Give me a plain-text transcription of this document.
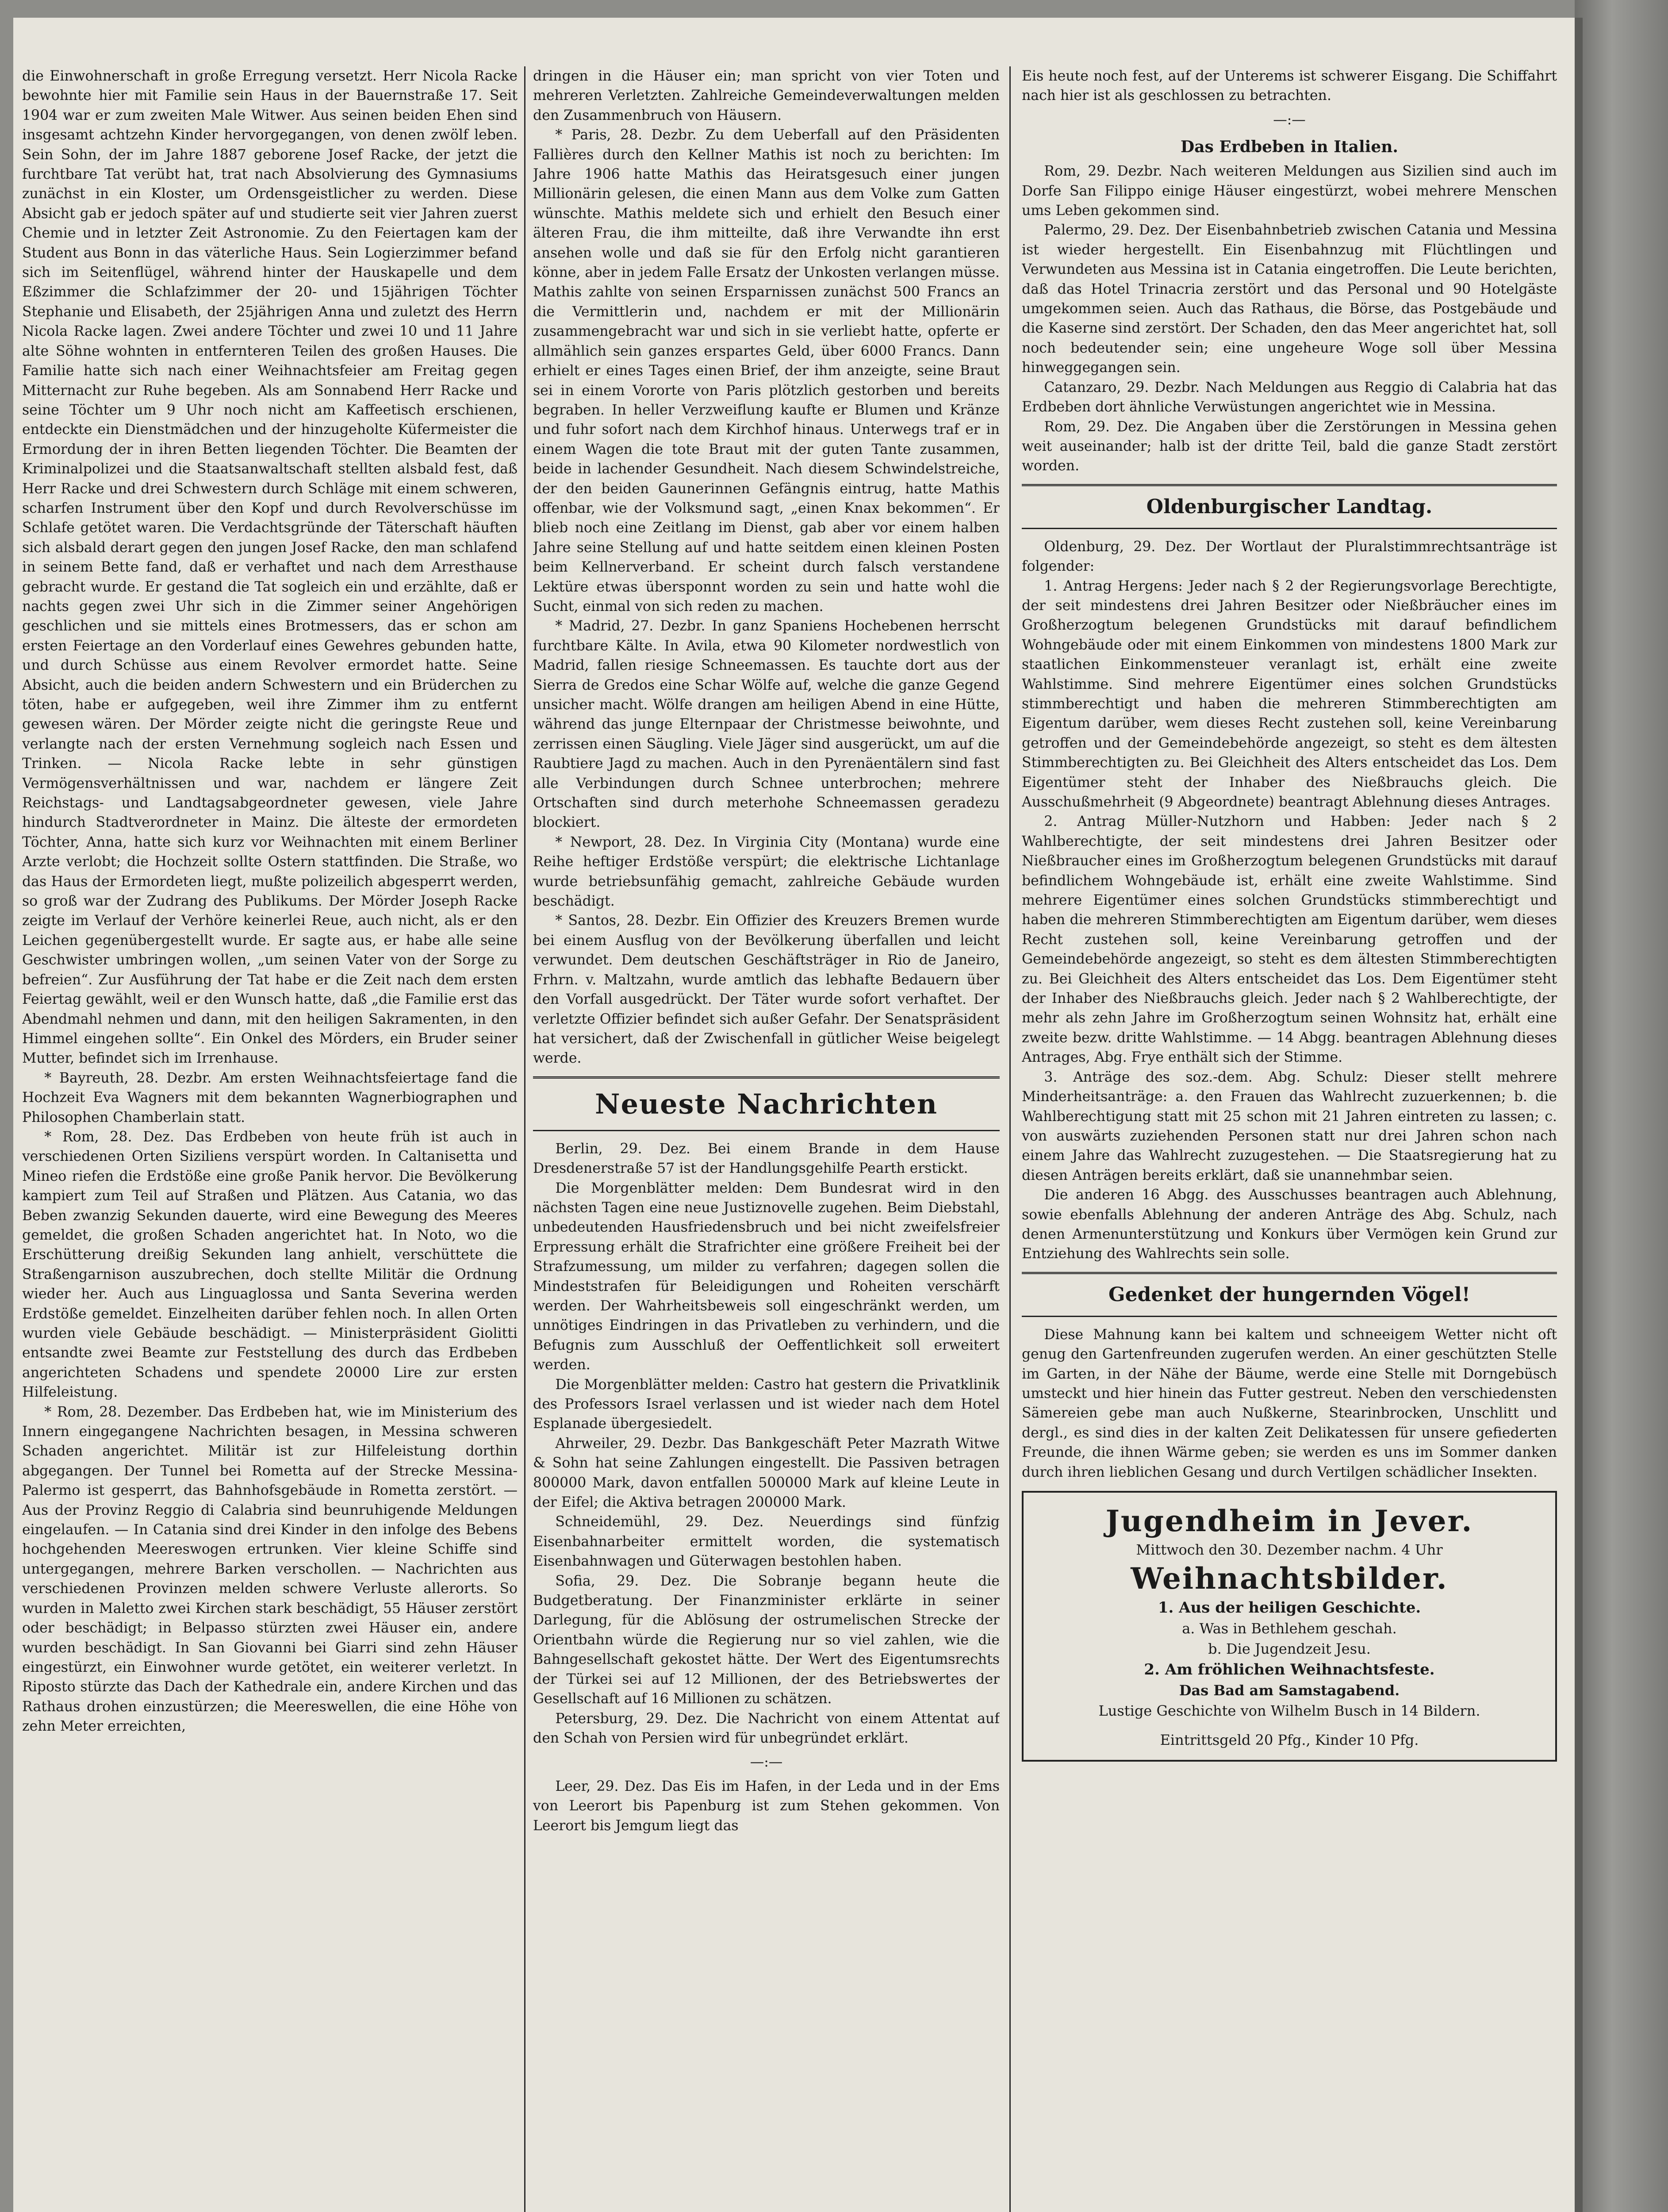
die Einwohnerschaft in große Erregung versetzt. Herr Nicola Racke bewohnte hier mit Familie sein Haus in der Bauernstraße 17. Seit 1904 war er zum zweiten Male Witwer. Aus seinen beiden Ehen sind insgesamt achtzehn Kinder hervorgegangen, von denen zwölf leben. Sein Sohn, der im Jahre 1887 geborene Josef Racke, der jetzt die furchtbare Tat verübt hat, trat nach Absolvierung des Gymnasiums zunächst in ein Kloster, um Ordensgeistlicher zu werden. Diese Absicht gab er jedoch später auf und studierte seit vier Jahren zuerst Chemie und in letzter Zeit Astronomie. Zu den Feiertagen kam der Student aus Bonn in das väterliche Haus. Sein Logierzimmer befand sich im Seitenflügel, während hinter der Hauskapelle und dem Eßzimmer die Schlafzimmer der 20- und 15jährigen Töchter Stephanie und Elisabeth, der 25jährigen Anna und zuletzt des Herrn Nicola Racke lagen. Zwei andere Töchter und zwei 10 und 11 Jahre alte Söhne wohnten in entfernteren Teilen des großen Hauses. Die Familie hatte sich nach einer Weihnachtsfeier am Freitag gegen Mitternacht zur Ruhe begeben. Als am Sonnabend Herr Racke und seine Töchter um 9 Uhr noch nicht am Kaffeetisch erschienen, entdeckte ein Dienstmädchen und der hinzugeholte Küfermeister die Ermordung der in ihren Betten liegenden Töchter. Die Beamten der Kriminalpolizei und die Staatsanwaltschaft stellten alsbald fest, daß Herr Racke und drei Schwestern durch Schläge mit einem schweren, scharfen Instrument über den Kopf und durch Revolverschüsse im Schlafe getötet waren. Die Verdachtsgründe der Täterschaft häuften sich alsbald derart gegen den jungen Josef Racke, den man schlafend in seinem Bette fand, daß er verhaftet und nach dem Arresthause gebracht wurde. Er gestand die Tat sogleich ein und erzählte, daß er nachts gegen zwei Uhr sich in die Zimmer seiner Angehörigen geschlichen und sie mittels eines Brotmessers, das er schon am ersten Feiertage an den Vorderlauf eines Gewehres gebunden hatte, und durch Schüsse aus einem Revolver ermordet hatte. Seine Absicht, auch die beiden andern Schwestern und ein Brüderchen zu töten, habe er aufgegeben, weil ihre Zimmer ihm zu entfernt gewesen wären. Der Mörder zeigte nicht die geringste Reue und verlangte nach der ersten Vernehmung sogleich nach Essen und Trinken. — Nicola Racke lebte in sehr günstigen Vermögensverhältnissen und war, nachdem er längere Zeit Reichstags- und Landtagsabgeordneter gewesen, viele Jahre hindurch Stadtverordneter in Mainz. Die älteste der ermordeten Töchter, Anna, hatte sich kurz vor Weihnachten mit einem Berliner Arzte verlobt; die Hochzeit sollte Ostern stattfinden. Die Straße, wo das Haus der Ermordeten liegt, mußte polizeilich abgesperrt werden, so groß war der Zudrang des Publikums. Der Mörder Joseph Racke zeigte im Verlauf der Verhöre keinerlei Reue, auch nicht, als er den Leichen gegenübergestellt wurde. Er sagte aus, er habe alle seine Geschwister umbringen wollen, „um seinen Vater von der Sorge zu befreien“. Zur Ausführung der Tat habe er die Zeit nach dem ersten Feiertag gewählt, weil er den Wunsch hatte, daß „die Familie erst das Abendmahl nehmen und dann, mit den heiligen Sakramenten, in den Himmel eingehen sollte“. Ein Onkel des Mörders, ein Bruder seiner Mutter, befindet sich im Irrenhause.

* Bayreuth, 28. Dezbr. Am ersten Weihnachtsfeiertage fand die Hochzeit Eva Wagners mit dem bekannten Wagnerbiographen und Philosophen Chamberlain statt.

* Rom, 28. Dez. Das Erdbeben von heute früh ist auch in verschiedenen Orten Siziliens verspürt worden. In Caltanisetta und Mineo riefen die Erdstöße eine große Panik hervor. Die Bevölkerung kampiert zum Teil auf Straßen und Plätzen. Aus Catania, wo das Beben zwanzig Sekunden dauerte, wird eine Bewegung des Meeres gemeldet, die großen Schaden angerichtet hat. In Noto, wo die Erschütterung dreißig Sekunden lang anhielt, verschüttete die Straßengarnison auszubrechen, doch stellte Militär die Ordnung wieder her. Auch aus Linguaglossa und Santa Severina werden Erdstöße gemeldet. Einzelheiten darüber fehlen noch. In allen Orten wurden viele Gebäude beschädigt. — Ministerpräsident Giolitti entsandte zwei Beamte zur Feststellung des durch das Erdbeben angerichteten Schadens und spendete 20000 Lire zur ersten Hilfeleistung.

* Rom, 28. Dezember. Das Erdbeben hat, wie im Ministerium des Innern eingegangene Nachrichten besagen, in Messina schweren Schaden angerichtet. Militär ist zur Hilfeleistung dorthin abgegangen. Der Tunnel bei Rometta auf der Strecke Messina-Palermo ist gesperrt, das Bahnhofsgebäude in Rometta zerstört. — Aus der Provinz Reggio di Calabria sind beunruhigende Meldungen eingelaufen. — In Catania sind drei Kinder in den infolge des Bebens hochgehenden Meereswogen ertrunken. Vier kleine Schiffe sind untergegangen, mehrere Barken verschollen. — Nachrichten aus verschiedenen Provinzen melden schwere Verluste allerorts. So wurden in Maletto zwei Kirchen stark beschädigt, 55 Häuser zerstört oder beschädigt; in Belpasso stürzten zwei Häuser ein, andere wurden beschädigt. In San Giovanni bei Giarri sind zehn Häuser eingestürzt, ein Einwohner wurde getötet, ein weiterer verletzt. In Riposto stürzte das Dach der Kathedrale ein, andere Kirchen und das Rathaus drohen einzustürzen; die Meereswellen, die eine Höhe von zehn Meter erreichten,

dringen in die Häuser ein; man spricht von vier Toten und mehreren Verletzten. Zahlreiche Gemeindeverwaltungen melden den Zusammenbruch von Häusern.

* Paris, 28. Dezbr. Zu dem Ueberfall auf den Präsidenten Fallières durch den Kellner Mathis ist noch zu berichten: Im Jahre 1906 hatte Mathis das Heiratsgesuch einer jungen Millionärin gelesen, die einen Mann aus dem Volke zum Gatten wünschte. Mathis meldete sich und erhielt den Besuch einer älteren Frau, die ihm mitteilte, daß ihre Verwandte ihn erst ansehen wolle und daß sie für den Erfolg nicht garantieren könne, aber in jedem Falle Ersatz der Unkosten verlangen müsse. Mathis zahlte von seinen Ersparnissen zunächst 500 Francs an die Vermittlerin und, nachdem er mit der Millionärin zusammengebracht war und sich in sie verliebt hatte, opferte er allmählich sein ganzes erspartes Geld, über 6000 Francs. Dann erhielt er eines Tages einen Brief, der ihm anzeigte, seine Braut sei in einem Vororte von Paris plötzlich gestorben und bereits begraben. In heller Verzweiflung kaufte er Blumen und Kränze und fuhr sofort nach dem Kirchhof hinaus. Unterwegs traf er in einem Wagen die tote Braut mit der guten Tante zusammen, beide in lachender Gesundheit. Nach diesem Schwindelstreiche, der den beiden Gaunerinnen Gefängnis eintrug, hatte Mathis offenbar, wie der Volksmund sagt, „einen Knax bekommen“. Er blieb noch eine Zeitlang im Dienst, gab aber vor einem halben Jahre seine Stellung auf und hatte seitdem einen kleinen Posten beim Kellnerverband. Er scheint durch falsch verstandene Lektüre etwas übersponnt worden zu sein und hatte wohl die Sucht, einmal von sich reden zu machen.

* Madrid, 27. Dezbr. In ganz Spaniens Hochebenen herrscht furchtbare Kälte. In Avila, etwa 90 Kilometer nordwestlich von Madrid, fallen riesige Schneemassen. Es tauchte dort aus der Sierra de Gredos eine Schar Wölfe auf, welche die ganze Gegend unsicher macht. Wölfe drangen am heiligen Abend in eine Hütte, während das junge Elternpaar der Christmesse beiwohnte, und zerrissen einen Säugling. Viele Jäger sind ausgerückt, um auf die Raubtiere Jagd zu machen. Auch in den Pyrenäentälern sind fast alle Verbindungen durch Schnee unterbrochen; mehrere Ortschaften sind durch meterhohe Schneemassen geradezu blockiert.

* Newport, 28. Dez. In Virginia City (Montana) wurde eine Reihe heftiger Erdstöße verspürt; die elektrische Lichtanlage wurde betriebsunfähig gemacht, zahlreiche Gebäude wurden beschädigt.

* Santos, 28. Dezbr. Ein Offizier des Kreuzers Bremen wurde bei einem Ausflug von der Bevölkerung überfallen und leicht verwundet. Dem deutschen Geschäftsträger in Rio de Janeiro, Frhrn. v. Maltzahn, wurde amtlich das lebhafte Bedauern über den Vorfall ausgedrückt. Der Täter wurde sofort verhaftet. Der verletzte Offizier befindet sich außer Gefahr. Der Senatspräsident hat versichert, daß der Zwischenfall in gütlicher Weise beigelegt werde.

Neueste Nachrichten

Berlin, 29. Dez. Bei einem Brande in dem Hause Dresdenerstraße 57 ist der Handlungsgehilfe Pearth erstickt.

Die Morgenblätter melden: Dem Bundesrat wird in den nächsten Tagen eine neue Justiznovelle zugehen. Beim Diebstahl, unbedeutenden Hausfriedensbruch und bei nicht zweifelsfreier Erpressung erhält die Strafrichter eine größere Freiheit bei der Strafzumessung, um milder zu verfahren; dagegen sollen die Mindeststrafen für Beleidigungen und Roheiten verschärft werden. Der Wahrheitsbeweis soll eingeschränkt werden, um unnötiges Eindringen in das Privatleben zu verhindern, und die Befugnis zum Ausschluß der Oeffentlichkeit soll erweitert werden.

Die Morgenblätter melden: Castro hat gestern die Privatklinik des Professors Israel verlassen und ist wieder nach dem Hotel Esplanade übergesiedelt.

Ahrweiler, 29. Dezbr. Das Bankgeschäft Peter Mazrath Witwe & Sohn hat seine Zahlungen eingestellt. Die Passiven betragen 800000 Mark, davon entfallen 500000 Mark auf kleine Leute in der Eifel; die Aktiva betragen 200000 Mark.

Schneidemühl, 29. Dez. Neuerdings sind fünfzig Eisenbahnarbeiter ermittelt worden, die systematisch Eisenbahnwagen und Güterwagen bestohlen haben.

Sofia, 29. Dez. Die Sobranje begann heute die Budgetberatung. Der Finanzminister erklärte in seiner Darlegung, für die Ablösung der ostrumelischen Strecke der Orientbahn würde die Regierung nur so viel zahlen, wie die Bahngesellschaft gekostet hätte. Der Wert des Eigentumsrechts der Türkei sei auf 12 Millionen, der des Betriebswertes der Gesellschaft auf 16 Millionen zu schätzen.

Petersburg, 29. Dez. Die Nachricht von einem Attentat auf den Schah von Persien wird für unbegründet erklärt.

—:—

Leer, 29. Dez. Das Eis im Hafen, in der Leda und in der Ems von Leerort bis Papenburg ist zum Stehen gekommen. Von Leerort bis Jemgum liegt das

Eis heute noch fest, auf der Unterems ist schwerer Eisgang. Die Schiffahrt nach hier ist als geschlossen zu betrachten.

—:—

Das Erdbeben in Italien.

Rom, 29. Dezbr. Nach weiteren Meldungen aus Sizilien sind auch im Dorfe San Filippo einige Häuser eingestürzt, wobei mehrere Menschen ums Leben gekommen sind.

Palermo, 29. Dez. Der Eisenbahnbetrieb zwischen Catania und Messina ist wieder hergestellt. Ein Eisenbahnzug mit Flüchtlingen und Verwundeten aus Messina ist in Catania eingetroffen. Die Leute berichten, daß das Hotel Trinacria zerstört und das Personal und 90 Hotelgäste umgekommen seien. Auch das Rathaus, die Börse, das Postgebäude und die Kaserne sind zerstört. Der Schaden, den das Meer angerichtet hat, soll noch bedeutender sein; eine ungeheure Woge soll über Messina hinweggegangen sein.

Catanzaro, 29. Dezbr. Nach Meldungen aus Reggio di Calabria hat das Erdbeben dort ähnliche Verwüstungen angerichtet wie in Messina.

Rom, 29. Dez. Die Angaben über die Zerstörungen in Messina gehen weit auseinander; halb ist der dritte Teil, bald die ganze Stadt zerstört worden.

Oldenburgischer Landtag.

Oldenburg, 29. Dez. Der Wortlaut der Pluralstimmrechtsanträge ist folgender:

1. Antrag Hergens: Jeder nach § 2 der Regierungsvorlage Berechtigte, der seit mindestens drei Jahren Besitzer oder Nießbräucher eines im Großherzogtum belegenen Grundstücks mit darauf befindlichem Wohngebäude oder mit einem Einkommen von mindestens 1800 Mark zur staatlichen Einkommensteuer veranlagt ist, erhält eine zweite Wahlstimme. Sind mehrere Eigentümer eines solchen Grundstücks stimmberechtigt und haben die mehreren Stimmberechtigten am Eigentum darüber, wem dieses Recht zustehen soll, keine Vereinbarung getroffen und der Gemeindebehörde angezeigt, so steht es dem ältesten Stimmberechtigten zu. Bei Gleichheit des Alters entscheidet das Los. Dem Eigentümer steht der Inhaber des Nießbrauchs gleich. Die Ausschußmehrheit (9 Abgeordnete) beantragt Ablehnung dieses Antrages.

2. Antrag Müller-Nutzhorn und Habben: Jeder nach § 2 Wahlberechtigte, der seit mindestens drei Jahren Besitzer oder Nießbraucher eines im Großherzogtum belegenen Grundstücks mit darauf befindlichem Wohngebäude ist, erhält eine zweite Wahlstimme. Sind mehrere Eigentümer eines solchen Grundstücks stimmberechtigt und haben die mehreren Stimmberechtigten am Eigentum darüber, wem dieses Recht zustehen soll, keine Vereinbarung getroffen und der Gemeindebehörde angezeigt, so steht es dem ältesten Stimmberechtigten zu. Bei Gleichheit des Alters entscheidet das Los. Dem Eigentümer steht der Inhaber des Nießbrauchs gleich. Jeder nach § 2 Wahlberechtigte, der mehr als zehn Jahre im Großherzogtum seinen Wohnsitz hat, erhält eine zweite bezw. dritte Wahlstimme. — 14 Abgg. beantragen Ablehnung dieses Antrages, Abg. Frye enthält sich der Stimme.

3. Anträge des soz.-dem. Abg. Schulz: Dieser stellt mehrere Minderheitsanträge: a. den Frauen das Wahlrecht zuzuerkennen; b. die Wahlberechtigung statt mit 25 schon mit 21 Jahren eintreten zu lassen; c. von auswärts zuziehenden Personen statt nur drei Jahren schon nach einem Jahre das Wahlrecht zuzugestehen. — Die Staatsregierung hat zu diesen Anträgen bereits erklärt, daß sie unannehmbar seien.

Die anderen 16 Abgg. des Ausschusses beantragen auch Ablehnung, sowie ebenfalls Ablehnung der anderen Anträge des Abg. Schulz, nach denen Armenunterstützung und Konkurs über Vermögen kein Grund zur Entziehung des Wahlrechts sein solle.

Gedenket der hungernden Vögel!

Diese Mahnung kann bei kaltem und schneeigem Wetter nicht oft genug den Gartenfreunden zugerufen werden. An einer geschützten Stelle im Garten, in der Nähe der Bäume, werde eine Stelle mit Dorngebüsch umsteckt und hier hinein das Futter gestreut. Neben den verschiedensten Sämereien gebe man auch Nußkerne, Stearinbrocken, Unschlitt und dergl., es sind dies in der kalten Zeit Delikatessen für unsere gefiederten Freunde, die ihnen Wärme geben; sie werden es uns im Sommer danken durch ihren lieblichen Gesang und durch Vertilgen schädlicher Insekten.

Jugendheim in Jever.
Mittwoch den 30. Dezember nachm. 4 Uhr
Weihnachtsbilder.
1. Aus der heiligen Geschichte.
a. Was in Bethlehem geschah.
b. Die Jugendzeit Jesu.
2. Am fröhlichen Weihnachtsfeste.
Das Bad am Samstagabend.
Lustige Geschichte von Wilhelm Busch in 14 Bildern.
Eintrittsgeld 20 Pfg., Kinder 10 Pfg.
